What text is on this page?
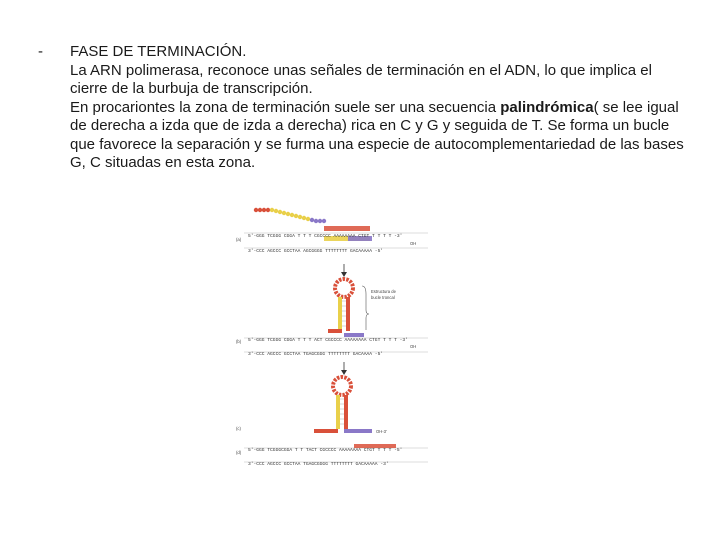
- FASE DE TERMINACIÓN.

La ARN polimerasa, reconoce unas señales de terminación en el ADN, lo que implica el cierre de la burbuja de transcripción.

En procariontes la zona de terminación suele ser una secuencia palindrómica( se lee igual de derecha a izda que de izda a derecha) rica en C y G y seguida de T. Se forma un bucle que favorece la separación y se furma una especie de autocomplementariedad de las bases G, C situadas en esta zona.

(a)
5'-GGG TCGGG CGGA T T T CGCCCC AAAAAAAA CTGT T T T T -3'
3'-CCC AGCCC GCCTAA AGCGGGG TTTTTTTT GACAAAAA -5'
OH
Estructura de
bucle troncal
(b) 5'-GGG TCGGG CGGA T T T ACT CGCCCC AAAAAAAA CTGT T T T -3'
3'-CCC AGCCC GCCTAA TGAGCGGG TTTTTTTT GACAAAA -5'
OH
(c)
OH-3'
(d) 5'-GGG TCGGGCGGA T T TACT CGCCCC AAAAAAAA CTGT T T T -5'
3'-CCC AGCCC GCCTAA TGAGCGGGG TTTTTTTT GACAAAAA -3'
